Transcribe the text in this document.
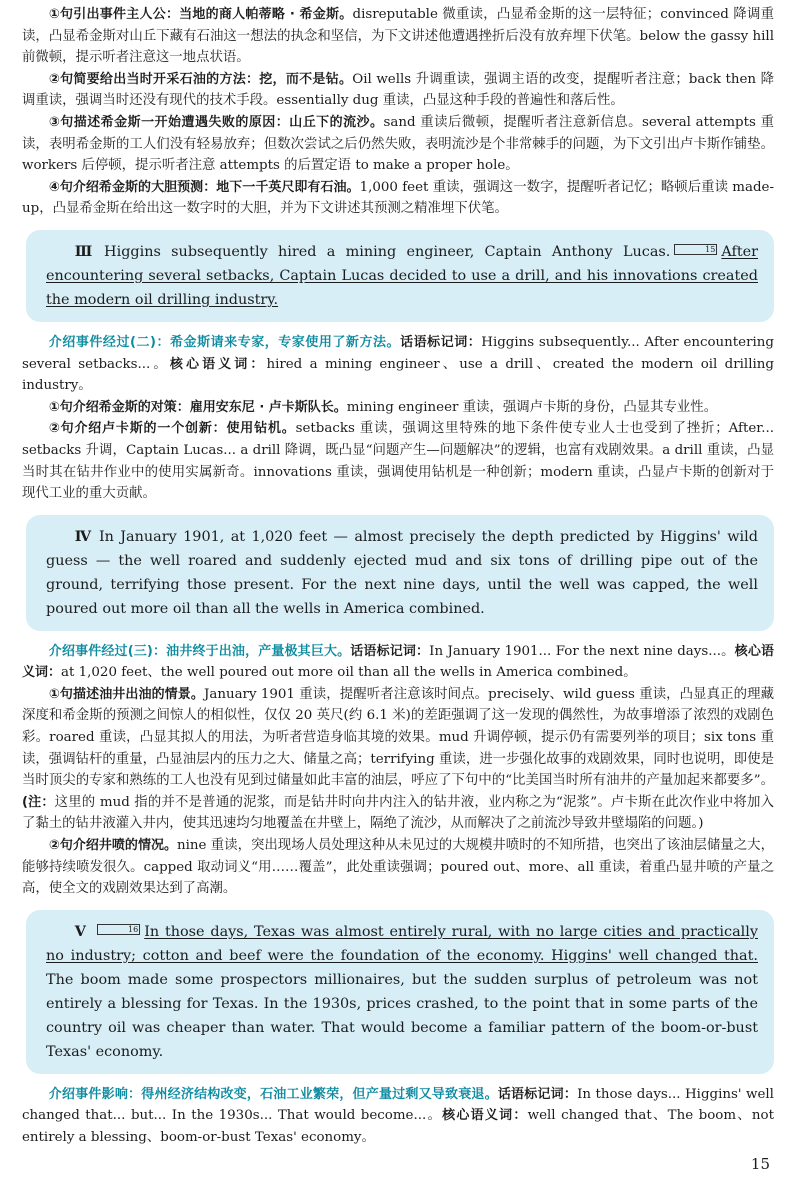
①句引出事件主人公：当地的商人帕蒂略 · 希金斯。disreputable 微重读，凸显希金斯的这一层特征；convinced 降调重读，凸显希金斯对山丘下藏有石油这一想法的执念和坚信，为下文讲述他遭遇挫折后没有放弃埋下伏笔。below the gassy hill 前微顿，提示听者注意这一地点状语。

②句简要给出当时开采石油的方法：挖，而不是钻。Oil wells 升调重读，强调主语的改变，提醒听者注意；back then 降调重读，强调当时还没有现代的技术手段。essentially dug 重读，凸显这种手段的普遍性和落后性。

③句描述希金斯一开始遭遇失败的原因：山丘下的流沙。sand 重读后微顿，提醒听者注意新信息。several attempts 重读，表明希金斯的工人们没有轻易放弃；但数次尝试之后仍然失败，表明流沙是个非常棘手的问题，为下文引出卢卡斯作铺垫。workers 后停顿，提示听者注意 attempts 的后置定语 to make a proper hole。

④句介绍希金斯的大胆预测：地下一千英尺即有石油。1,000 feet 重读，强调这一数字，提醒听者记忆；略顿后重读 made-up，凸显希金斯在给出这一数字时的大胆，并为下文讲述其预测之精准埋下伏笔。

Ⅲ Higgins subsequently hired a mining engineer, Captain Anthony Lucas.	15 After encountering several setbacks, Captain Lucas decided to use a drill, and his innovations created the modern oil drilling industry.

介绍事件经过(二)：希金斯请来专家，专家使用了新方法。话语标记词：Higgins subsequently... After encountering several setbacks...。核心语义词：hired a mining engineer、use a drill、created the modern oil drilling industry。

①句介绍希金斯的对策：雇用安东尼 · 卢卡斯队长。mining engineer 重读，强调卢卡斯的身份，凸显其专业性。

②句介绍卢卡斯的一个创新：使用钻机。setbacks 重读，强调这里特殊的地下条件使专业人士也受到了挫折；After... setbacks 升调，Captain Lucas... a drill 降调，既凸显“问题产生—问题解决”的逻辑，也富有戏剧效果。a drill 重读，凸显当时其在钻井作业中的使用实属新奇。innovations 重读，强调使用钻机是一种创新；modern 重读，凸显卢卡斯的创新对于现代工业的重大贡献。

Ⅳ In January 1901, at 1,020 feet — almost precisely the depth predicted by Higgins' wild guess — the well roared and suddenly ejected mud and six tons of drilling pipe out of the ground, terrifying those present. For the next nine days, until the well was capped, the well poured out more oil than all the wells in America combined.

介绍事件经过(三)：油井终于出油，产量极其巨大。话语标记词：In January 1901... For the next nine days...。核心语义词：at 1,020 feet、the well poured out more oil than all the wells in America combined。

①句描述油井出油的情景。January 1901 重读，提醒听者注意该时间点。precisely、wild guess 重读，凸显真正的理藏深度和希金斯的预测之间惊人的相似性，仅仅 20 英尺(约 6.1 米)的差距强调了这一发现的偶然性，为故事增添了浓烈的戏剧色彩。roared 重读，凸显其拟人的用法，为听者营造身临其境的效果。mud 升调停顿，提示仍有需要列举的项目；six tons 重读，强调钻杆的重量，凸显油层内的压力之大、储量之高；terrifying 重读，进一步强化故事的戏剧效果，同时也说明，即使是当时顶尖的专家和熟练的工人也没有见到过储量如此丰富的油层，呼应了下句中的“比美国当时所有油井的产量加起来都要多”。(注：这里的 mud 指的并不是普通的泥浆，而是钻井时向井内注入的钻井液，业内称之为“泥浆”。卢卡斯在此次作业中将加入了黏土的钻井液灌入井内，使其迅速均匀地覆盖在井壁上，隔绝了流沙，从而解决了之前流沙导致井壁塌陷的问题。)

②句介绍井喷的情况。nine 重读，突出现场人员处理这种从未见过的大规模井喷时的不知所措，也突出了该油层储量之大，能够持续喷发很久。capped 取动词义“用……覆盖”，此处重读强调；poured out、more、all 重读，着重凸显井喷的产量之高，使全文的戏剧效果达到了高潮。

Ⅴ	16 In those days, Texas was almost entirely rural, with no large cities and practically no industry; cotton and beef were the foundation of the economy. Higgins' well changed that. The boom made some prospectors millionaires, but the sudden surplus of petroleum was not entirely a blessing for Texas. In the 1930s, prices crashed, to the point that in some parts of the country oil was cheaper than water. That would become a familiar pattern of the boom-or-bust Texas' economy.

介绍事件影响：得州经济结构改变，石油工业繁荣，但产量过剩又导致衰退。话语标记词：In those days... Higgins' well changed that... but... In the 1930s... That would become...。核心语义词：well changed that、The boom、not entirely a blessing、boom-or-bust Texas' economy。

15
